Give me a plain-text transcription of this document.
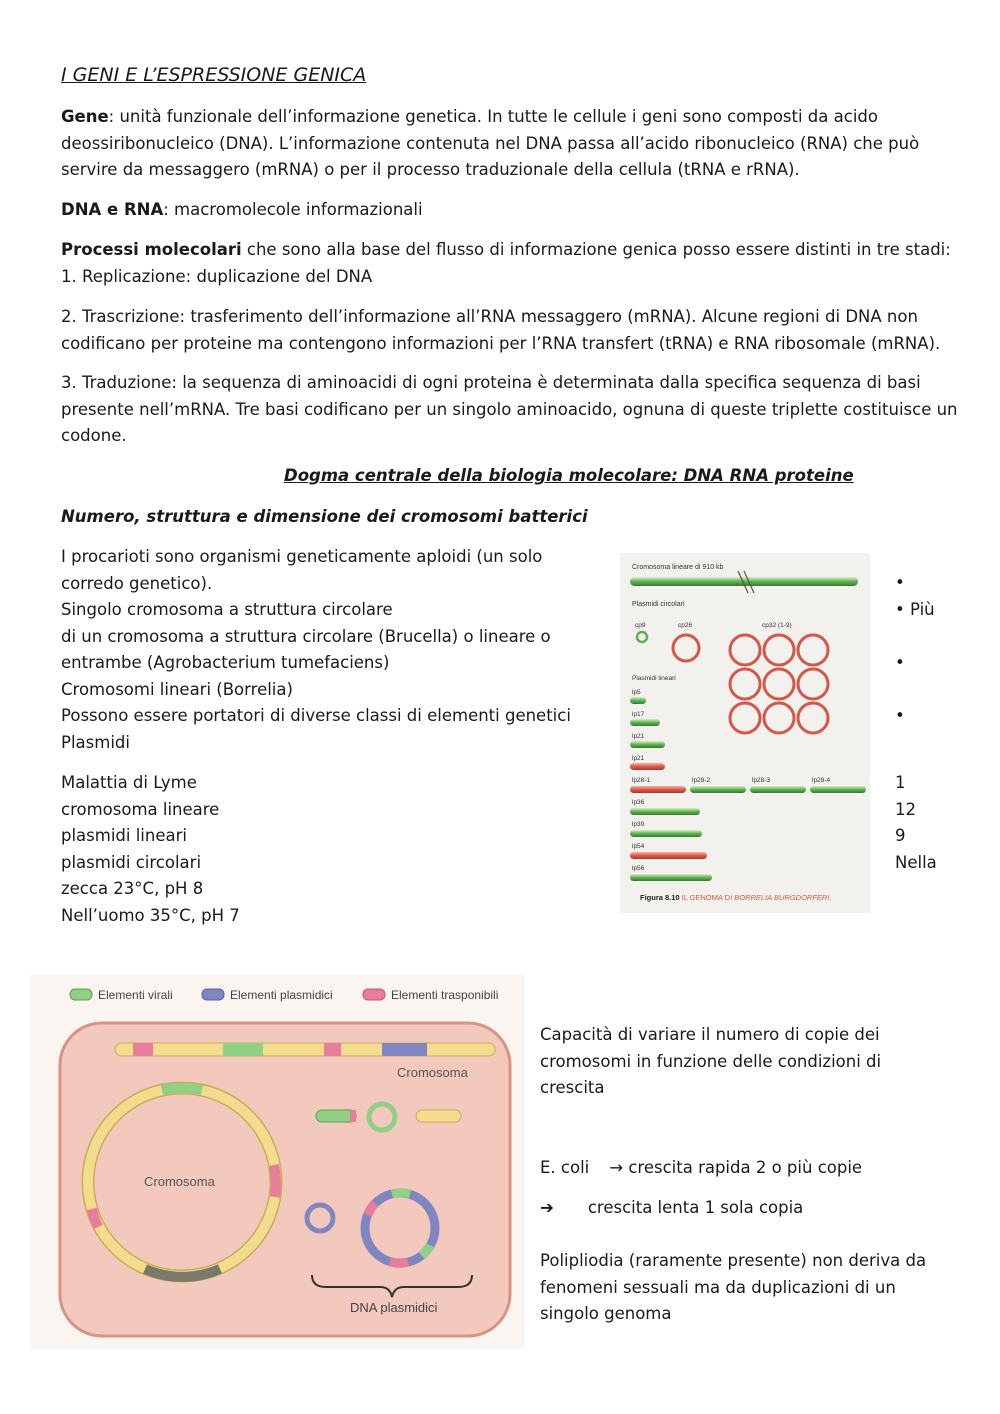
I GENI E L’ESPRESSIONE GENICA
Gene: unità funzionale dell’informazione genetica. In tutte le cellule i geni sono composti da acido
deossiribonucleico (DNA). L’informazione contenuta nel DNA passa all’acido ribonucleico (RNA) che può
servire da messaggero (mRNA) o per il processo traduzionale della cellula (tRNA e rRNA).
DNA e RNA: macromolecole informazionali
Processi molecolari che sono alla base del flusso di informazione genica posso essere distinti in tre stadi:
1. Replicazione: duplicazione del DNA
2. Trascrizione: trasferimento dell’informazione all’RNA messaggero (mRNA). Alcune regioni di DNA non
codificano per proteine ma contengono informazioni per l’RNA transfert (tRNA) e RNA ribosomale (mRNA).
3. Traduzione: la sequenza di aminoacidi di ogni proteina è determinata dalla specifica sequenza di basi
presente nell’mRNA. Tre basi codificano per un singolo aminoacido, ognuna di queste triplette costituisce un
codone.
Dogma centrale della biologia molecolare: DNA RNA proteine
Numero, struttura e dimensione dei cromosomi batterici
I procarioti sono organismi geneticamente aploidi (un solo
corredo genetico).
Singolo cromosoma a struttura circolare
di un cromosoma a struttura circolare (Brucella) o lineare o
entrambe (Agrobacterium tumefaciens)
Cromosomi lineari (Borrelia)
Possono essere portatori di diverse classi di elementi genetici
Plasmidi
Malattia di Lyme
cromosoma lineare
plasmidi lineari
plasmidi circolari
zecca 23°C, pH 8
Nell’uomo 35°C, pH 7
•
• Più
•
•
1
12
9
Nella
Cromosoma lineare di 910 kb
Plasmidi circolari
cp9	cp26	cp32 (1-9)
Plasmidi lineari
lp5
lp17
lp21
lp21
lp28-1	lp28-2	lp28-3	lp28-4
lp36
lp39
lp54
lp56
Figura 8.10 IL GENOMA DI BORRELIA BURGDORFERI.
Elementi virali	Elementi plasmidici	Elementi trasponibili
Cromosoma
Cromosoma
DNA plasmidici
Capacità di variare il numero di copie dei
cromosomi in funzione delle condizioni di
crescita
E. coli → crescita rapida 2 o più copie
➔ crescita lenta 1 sola copia
Polipliodia (raramente presente) non deriva da
fenomeni sessuali ma da duplicazioni di un
singolo genoma
